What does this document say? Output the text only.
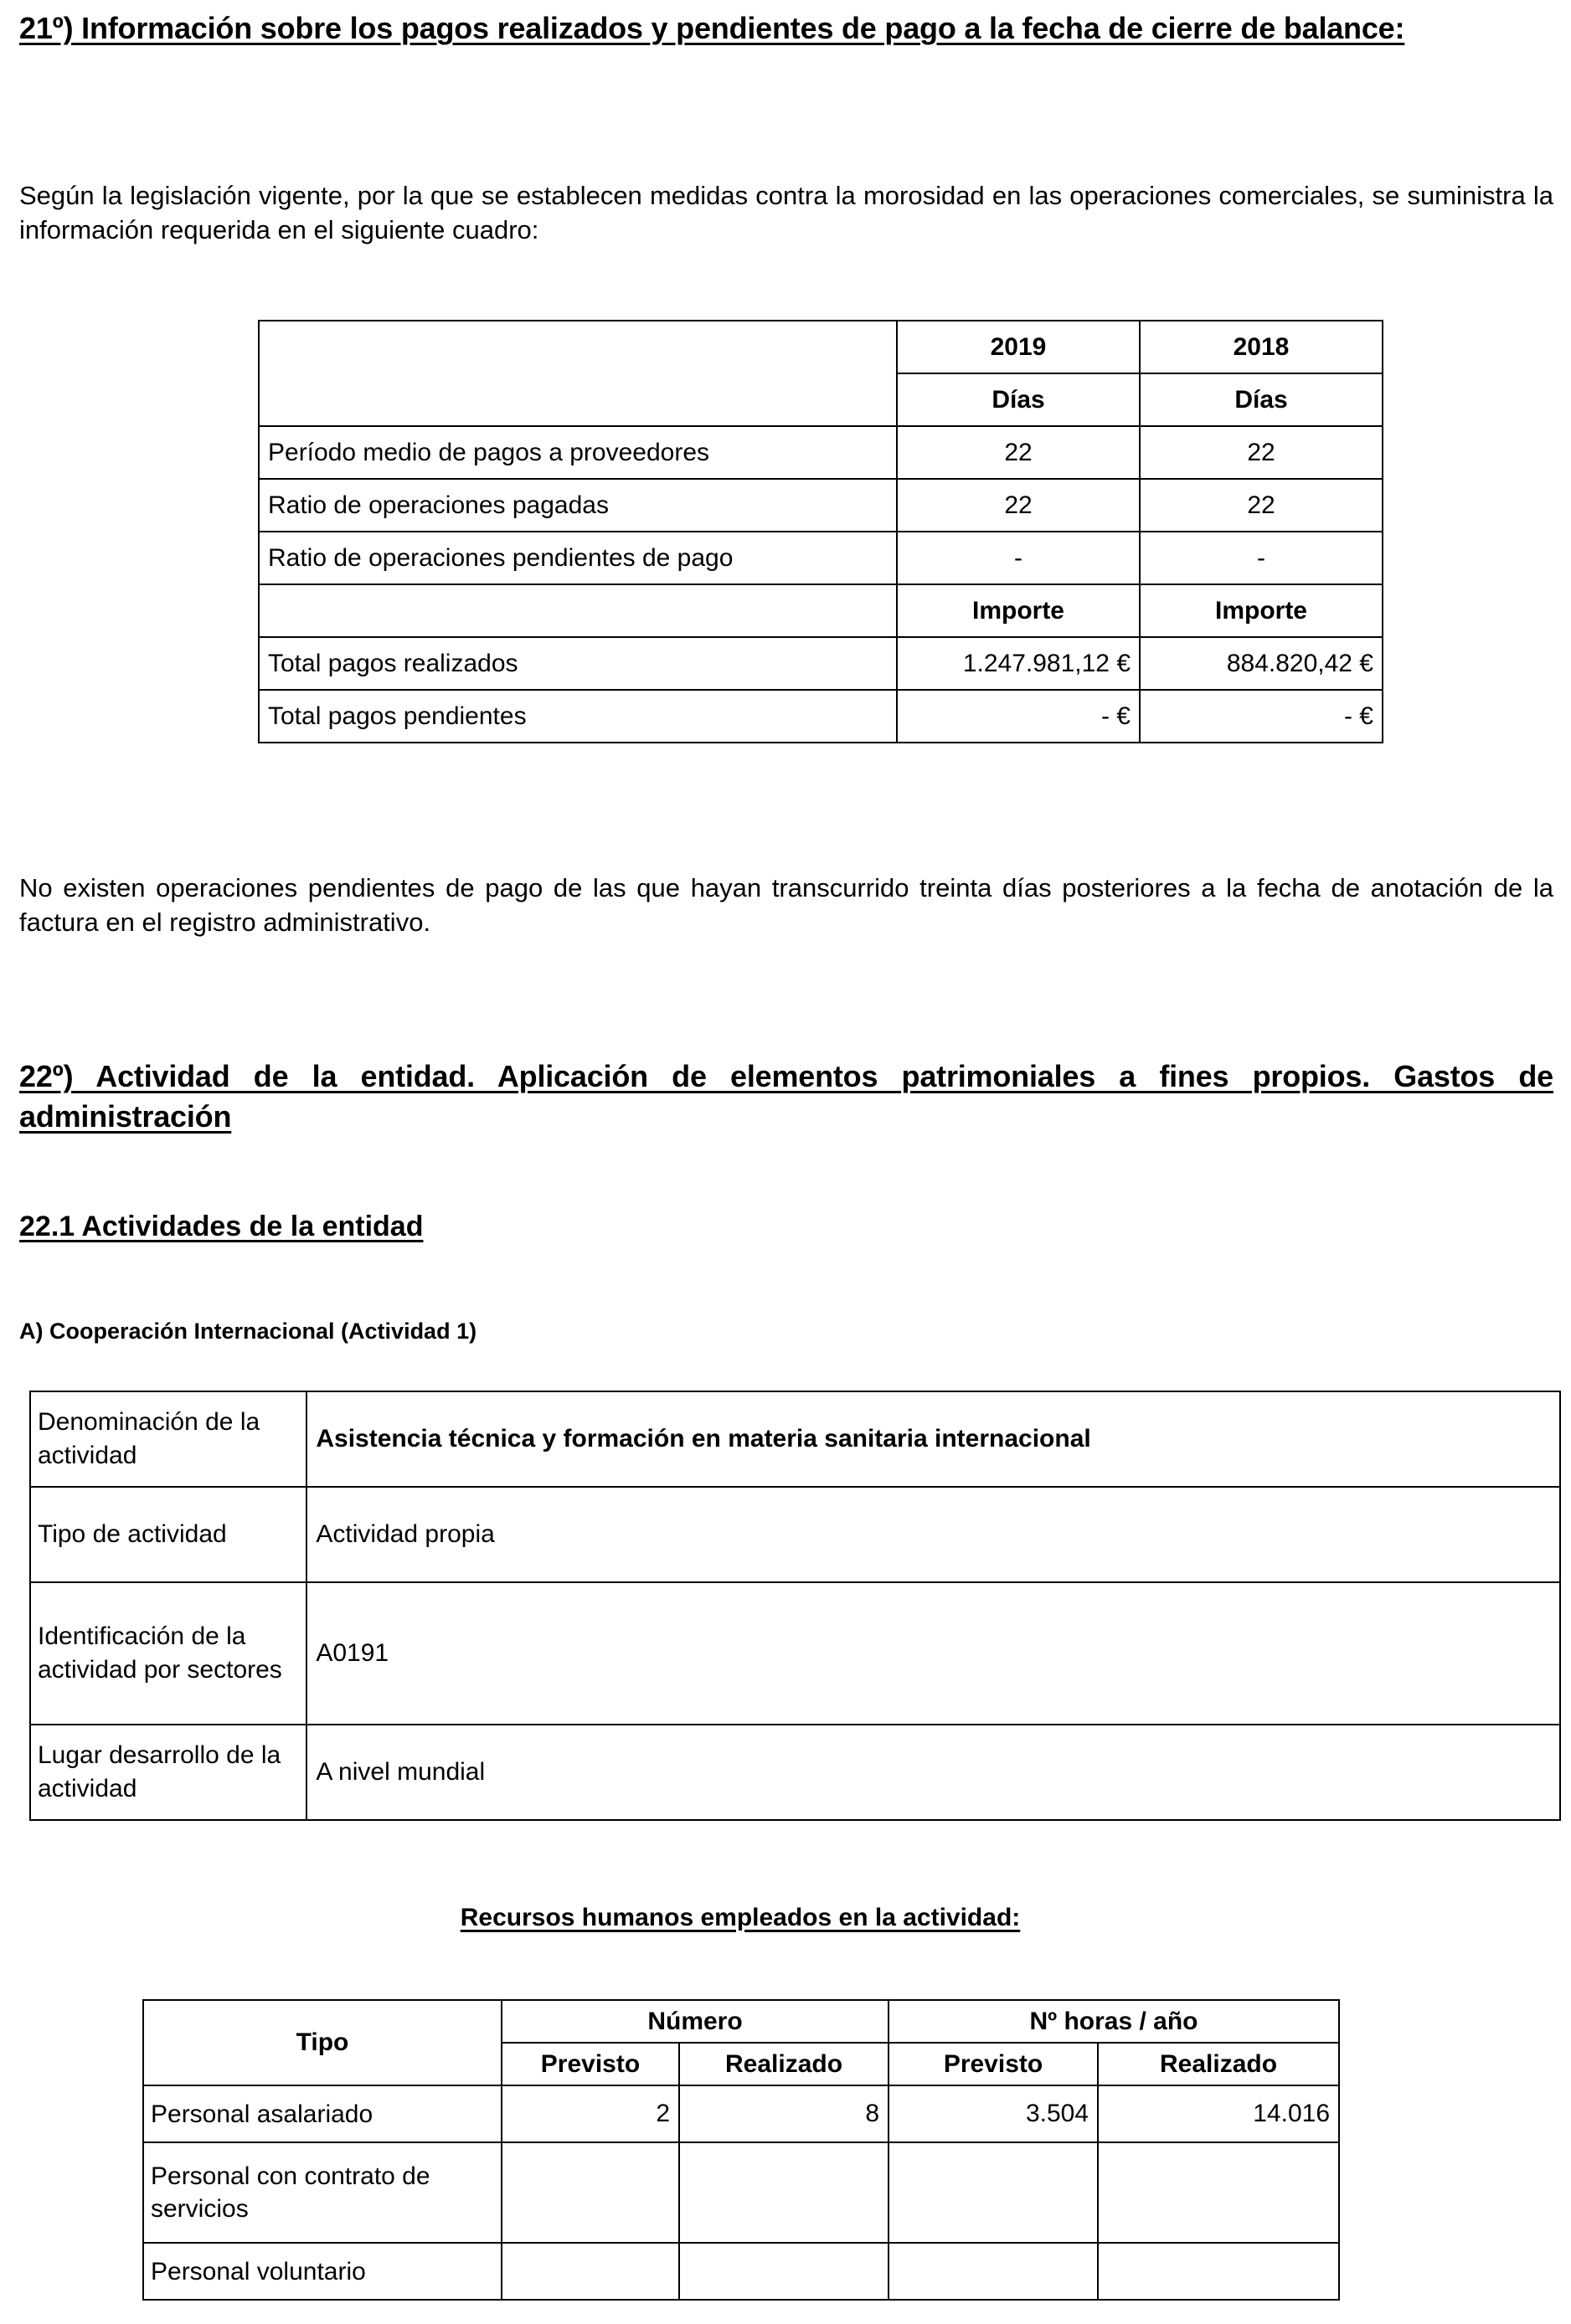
21º) Información sobre los pagos realizados y pendientes de pago a la fecha de cierre de balance:
Según la legislación vigente, por la que se establecen medidas contra la morosidad en las operaciones comerciales, se suministra la información requerida en el siguiente cuadro:
	2019	2018
	Días	Días
Período medio de pagos a proveedores	22	22
Ratio de operaciones pagadas	22	22
Ratio de operaciones pendientes de pago	-	-
	Importe	Importe
Total pagos realizados	1.247.981,12 €	884.820,42 €
Total pagos pendientes	- €	- €
No existen operaciones pendientes de pago de las que hayan transcurrido treinta días posteriores a la fecha de anotación de la factura en el registro administrativo.
22º) Actividad de la entidad. Aplicación de elementos patrimoniales a fines propios. Gastos de administración
22.1 Actividades de la entidad
A) Cooperación Internacional (Actividad 1)
Denominación de la actividad	Asistencia técnica y formación en materia sanitaria internacional
Tipo de actividad	Actividad propia
Identificación de la actividad por sectores	A0191
Lugar desarrollo de la actividad	A nivel mundial
Recursos humanos empleados en la actividad:
Tipo	Número		Nº horas / año	
	Previsto	Realizado	Previsto	Realizado
Personal asalariado	2	8	3.504	14.016
Personal con contrato de servicios				
Personal voluntario				
